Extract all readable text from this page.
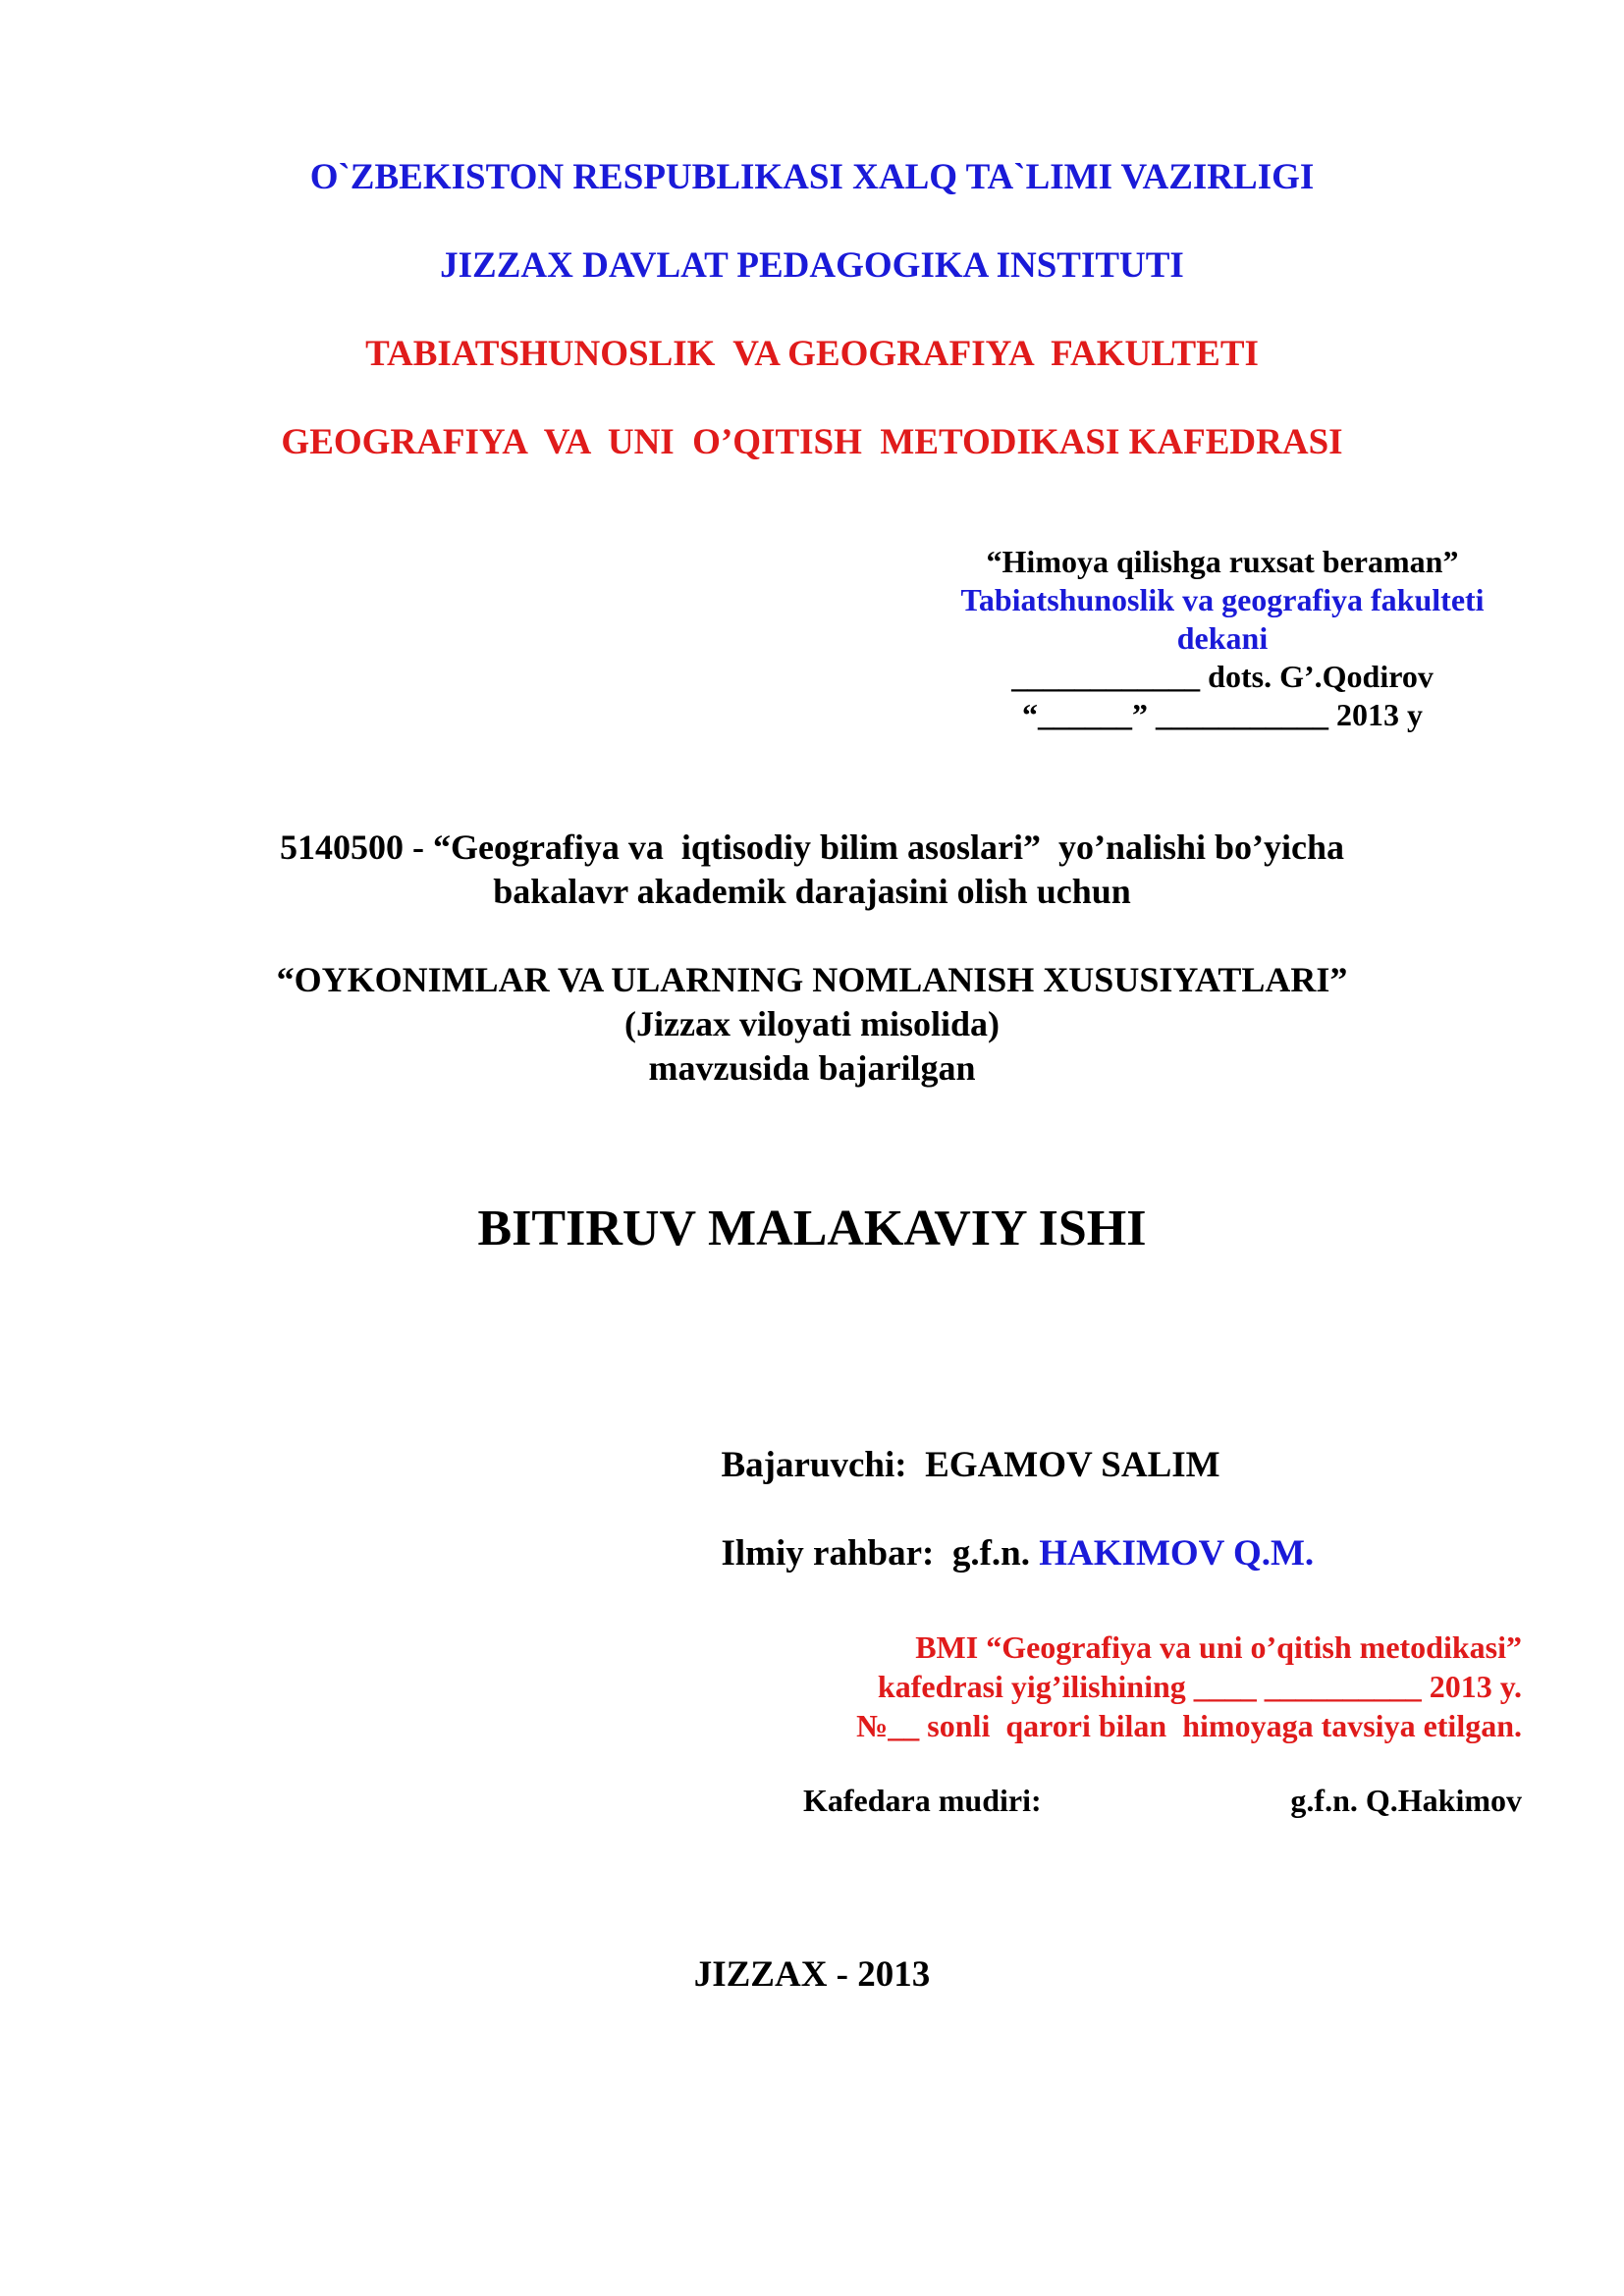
O`ZBEKISTON RESPUBLIKASI XALQ TA`LIMI VAZIRLIGI
JIZZAX DAVLAT PEDAGOGIKA INSTITUTI
TABIATSHUNOSLIK  VA GEOGRAFIYA  FAKULTETI
GEOGRAFIYA  VA  UNI  O’QITISH  METODIKASI KAFEDRASI
“Himoya qilishga ruxsat beraman”
Tabiatshunoslik va geografiya fakulteti
dekani
____________ dots. G’.Qodirov
“______” ___________ 2013 y
5140500 - “Geografiya va  iqtisodiy bilim asoslari”  yo’nalishi bo’yicha
bakalavr akademik darajasini olish uchun
“OYKONIMLAR VA ULARNING NOMLANISH XUSUSIYATLARI”
(Jizzax viloyati misolida)
mavzusida bajarilgan
BITIRUV MALAKAVIY ISHI

Bajaruvchi: EGAMOV SALIM

Ilmiy rahbar: g.f.n. HAKIMOV Q.M.

BMI “Geografiya va uni o’qitish metodikasi”
kafedrasi yig’ilishining ____ __________ 2013 y.
№__ sonli  qarori bilan  himoyaga tavsiya etilgan.
Kafedara mudiri:	g.f.n. Q.Hakimov
JIZZAX - 2013
